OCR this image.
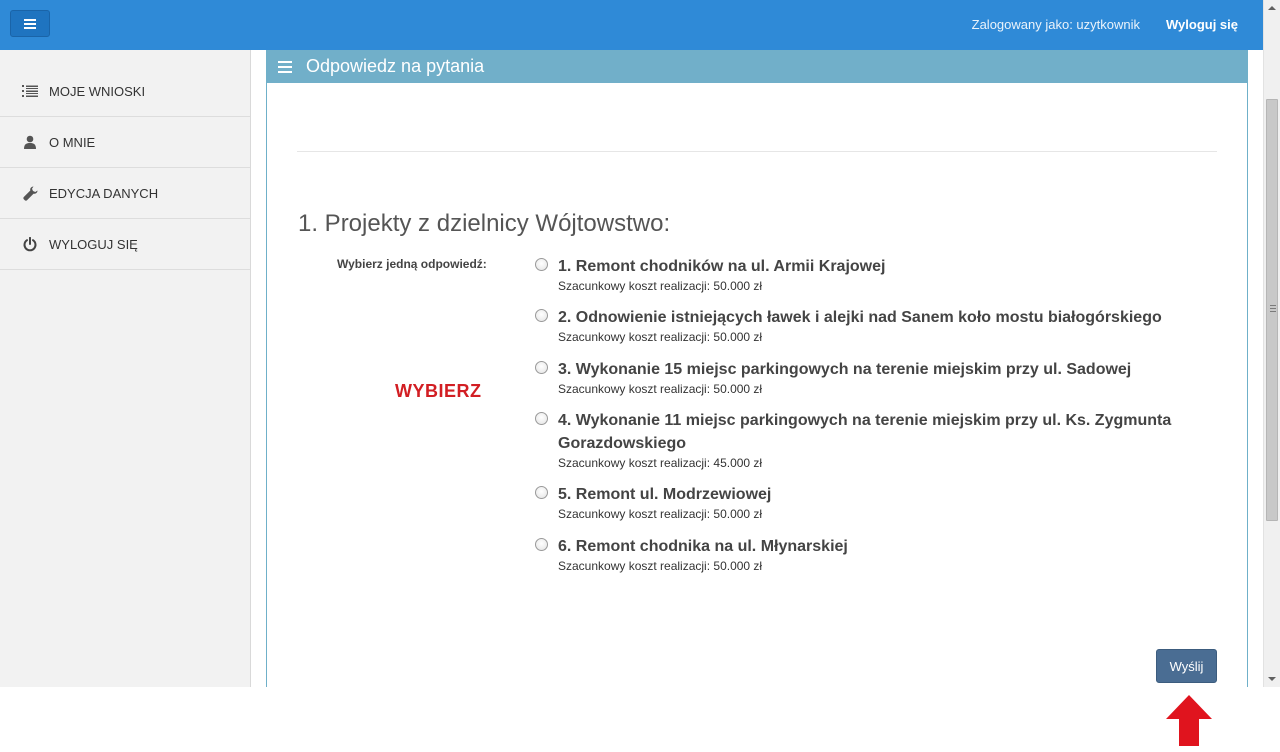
Zalogowany jako: uzytkownik Wyloguj się
MOJE WNIOSKI
O MNIE
EDYCJA DANYCH
WYLOGUJ SIĘ
Odpowiedz na pytania
1. Projekty z dzielnicy Wójtowstwo:
Wybierz jedną odpowiedź:
WYBIERZ
1. Remont chodników na ul. Armii Krajowej
Szacunkowy koszt realizacji: 50.000 zł
2. Odnowienie istniejących ławek i alejki nad Sanem koło mostu białogórskiego
Szacunkowy koszt realizacji: 50.000 zł
3. Wykonanie 15 miejsc parkingowych na terenie miejskim przy ul. Sadowej
Szacunkowy koszt realizacji: 50.000 zł
4. Wykonanie 11 miejsc parkingowych na terenie miejskim przy ul. Ks. Zygmunta Gorazdowskiego
Szacunkowy koszt realizacji: 45.000 zł
5. Remont ul. Modrzewiowej
Szacunkowy koszt realizacji: 50.000 zł
6. Remont chodnika na ul. Młynarskiej
Szacunkowy koszt realizacji: 50.000 zł
Wyślij
